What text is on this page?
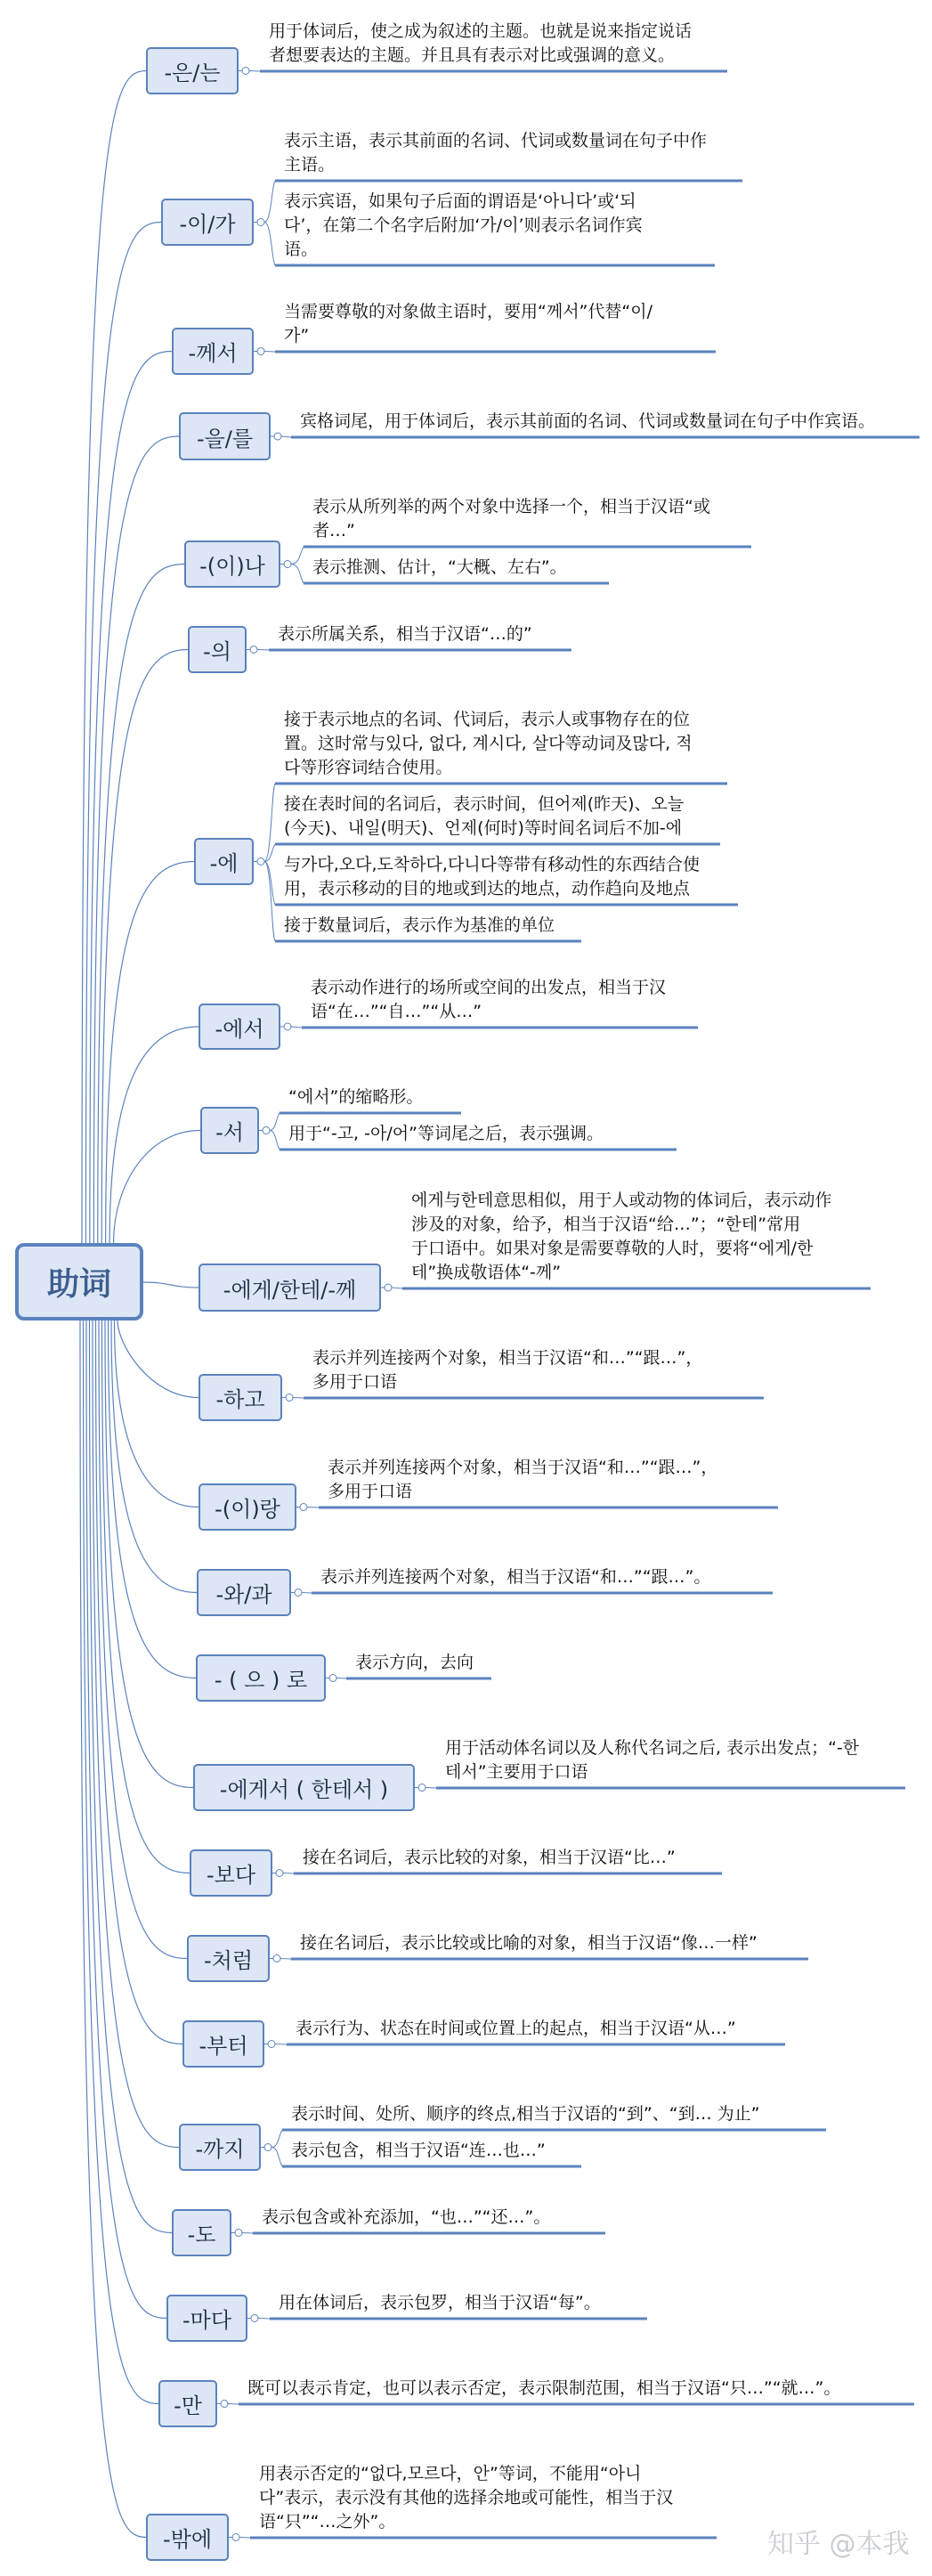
助词
-은/는
用于体词后，使之成为叙述的主题。也就是说来指定说话
者想要表达的主题。并且具有表示对比或强调的意义。
-이/가
表示主语，表示其前面的名词、代词或数量词在句子中作
主语。
表示宾语，如果句子后面的谓语是‘아니다’或‘되
다’，在第二个名字后附加‘가/이’则表示名词作宾
语。
-께서
当需要尊敬的对象做主语时，要用“께서”代替“이/
가”
-을/를
宾格词尾，用于体词后，表示其前面的名词、代词或数量词在句子中作宾语。
-(이)나
表示从所列举的两个对象中选择一个，相当于汉语“或
者…”
表示推测、估计，“大概、左右”。
-의
表示所属关系，相当于汉语“…的”
-에
接于表示地点的名词、代词后，表示人或事物存在的位
置。这时常与있다, 없다, 계시다, 살다等动词及많다, 적
다等形容词结合使用。
接在表时间的名词后，表示时间，但어제(昨天)、오늘
(今天)、내일(明天)、언제(何时)等时间名词后不加-에
与가다,오다,도착하다,다니다等带有移动性的东西结合使
用，表示移动的目的地或到达的地点，动作趋向及地点
接于数量词后，表示作为基准的单位
-에서
表示动作进行的场所或空间的出发点，相当于汉
语“在…”“自…”“从…”
-서
“에서”的缩略形。
用于“-고, -아/어”等词尾之后，表示强调。
-에게/한테/-께
에게与한테意思相似，用于人或动物的体词后，表示动作
涉及的对象，给予，相当于汉语“给…”；“한테”常用
于口语中。如果对象是需要尊敬的人时，要将“에게/한
테”换成敬语体“-께”
-하고
表示并列连接两个对象，相当于汉语“和…”“跟…”，
多用于口语
-(이)랑
表示并列连接两个对象，相当于汉语“和…”“跟…”，
多用于口语
-와/과
表示并列连接两个对象，相当于汉语“和…”“跟…”。
- ( 으 ) 로
表示方向，去向
-에게서 ( 한테서 )
用于活动体名词以及人称代名词之后, 表示出发点；“-한
테서”主要用于口语
-보다
接在名词后，表示比较的对象，相当于汉语“比…”
-처럼
接在名词后，表示比较或比喻的对象，相当于汉语“像…一样”
-부터
表示行为、状态在时间或位置上的起点，相当于汉语“从…”
-까지
表示时间、处所、顺序的终点,相当于汉语的“到”、“到… 为止”
表示包含，相当于汉语“连…也…”
-도
表示包含或补充添加，“也…”“还…”。
-마다
用在体词后，表示包罗，相当于汉语“每”。
-만
既可以表示肯定，也可以表示否定，表示限制范围，相当于汉语“只…”“就…”。
-밖에
用表示否定的“없다,모르다，안”等词，不能用“아니
다”表示，表示没有其他的选择余地或可能性，相当于汉
语“只”“…之外”。
知乎 @本我
